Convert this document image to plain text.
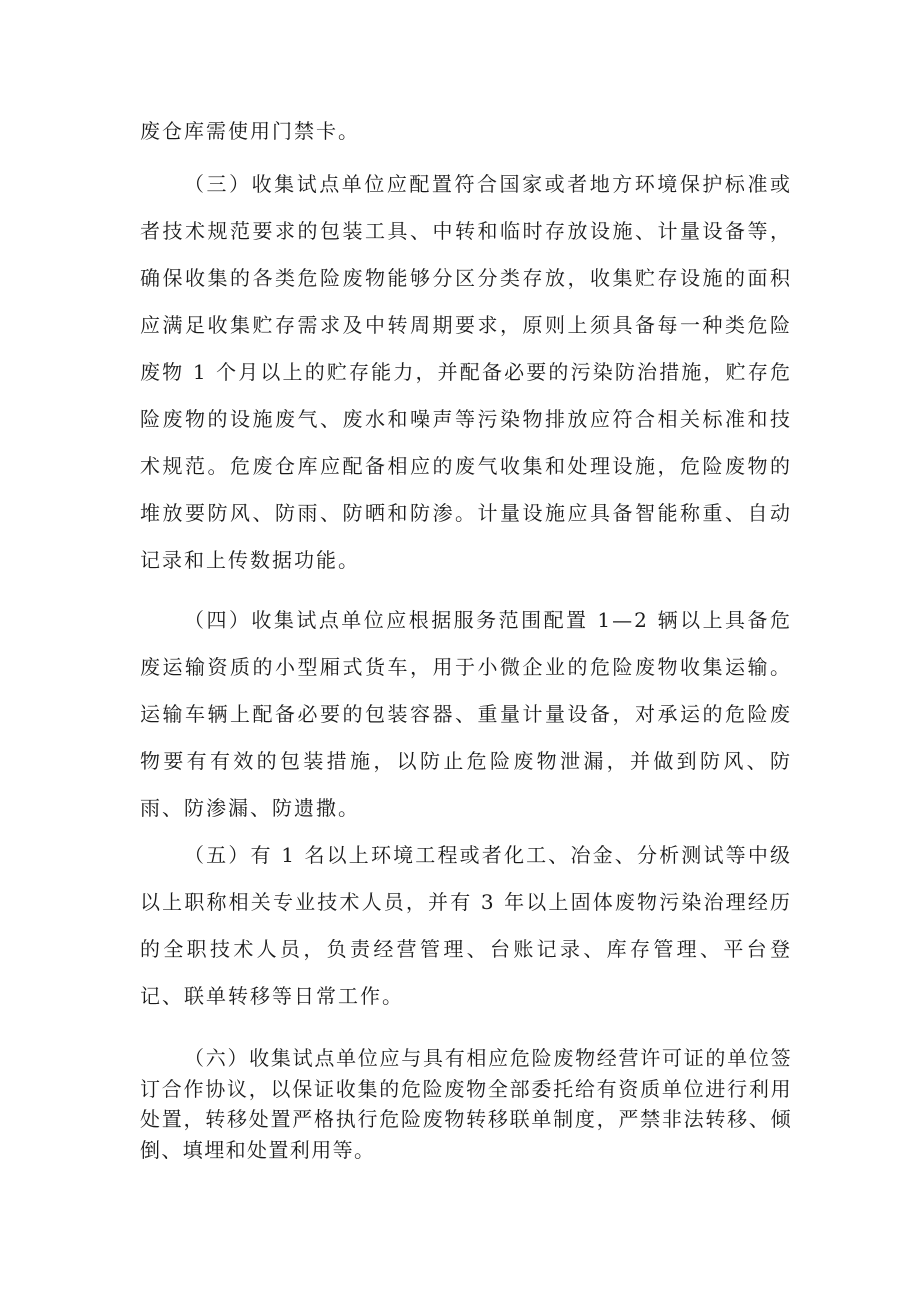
废仓库需使用门禁卡。

（三）收集试点单位应配置符合国家或者地方环境保护标准或者技术规范要求的包装工具、中转和临时存放设施、计量设备等，确保收集的各类危险废物能够分区分类存放，收集贮存设施的面积应满足收集贮存需求及中转周期要求，原则上须具备每一种类危险废物 1 个月以上的贮存能力，并配备必要的污染防治措施，贮存危险废物的设施废气、废水和噪声等污染物排放应符合相关标准和技术规范。危废仓库应配备相应的废气收集和处理设施，危险废物的堆放要防风、防雨、防晒和防渗。计量设施应具备智能称重、自动记录和上传数据功能。

（四）收集试点单位应根据服务范围配置 1—2 辆以上具备危废运输资质的小型厢式货车，用于小微企业的危险废物收集运输。运输车辆上配备必要的包装容器、重量计量设备，对承运的危险废物要有有效的包装措施，以防止危险废物泄漏，并做到防风、防雨、防渗漏、防遗撒。

（五）有 1 名以上环境工程或者化工、冶金、分析测试等中级以上职称相关专业技术人员，并有 3 年以上固体废物污染治理经历的全职技术人员，负责经营管理、台账记录、库存管理、平台登记、联单转移等日常工作。

（六）收集试点单位应与具有相应危险废物经营许可证的单位签订合作协议，以保证收集的危险废物全部委托给有资质单位进行利用处置，转移处置严格执行危险废物转移联单制度，严禁非法转移、倾倒、填埋和处置利用等。
